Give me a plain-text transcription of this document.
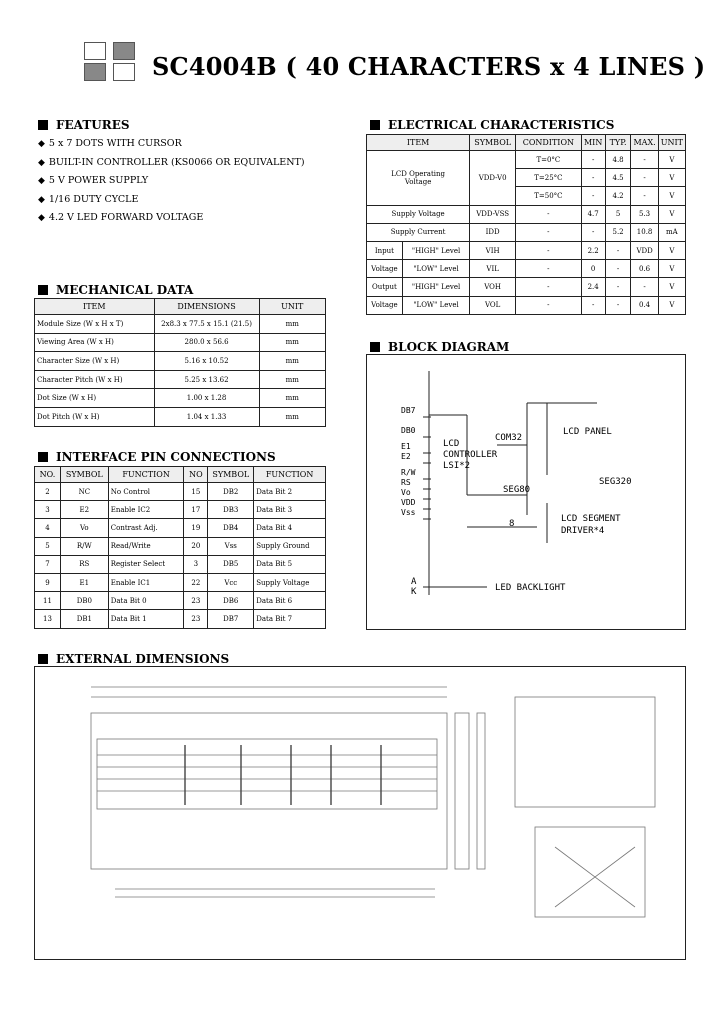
SC4004B ( 40 CHARACTERS x 4 LINES )
FEATURES
◆ 5 x 7 DOTS WITH CURSOR
◆ BUILT-IN CONTROLLER (KS0066 OR EQUIVALENT)
◆ 5 V POWER SUPPLY
◆ 1/16 DUTY CYCLE
◆ 4.2 V LED FORWARD VOLTAGE
MECHANICAL DATA
ITEM	DIMENSIONS	UNIT
Module Size (W x H x T)	2x8.3 x 77.5 x 15.1 (21.5)	mm
Viewing Area (W x H)	280.0 x 56.6	mm
Character Size (W x H)	5.16 x 10.52	mm
Character Pitch (W x H)	5.25 x 13.62	mm
Dot Size (W x H)	1.00 x 1.28	mm
Dot Pitch (W x H)	1.04 x 1.33	mm
INTERFACE PIN CONNECTIONS
NO.	SYMBOL	FUNCTION	NO	SYMBOL	FUNCTION
2	NC	No Control	15	DB2	Data Bit 2
3	E2	Enable IC2	17	DB3	Data Bit 3
4	Vo	Contrast Adj.	19	DB4	Data Bit 4
5	R/W	Read/Write	20	Vss	Supply Ground
7	RS	Register Select	3	DB5	Data Bit 5
9	E1	Enable IC1	22	Vcc	Supply Voltage
11	DB0	Data Bit 0	23	DB6	Data Bit 6
13	DB1	Data Bit 1	23	DB7	Data Bit 7
ELECTRICAL CHARACTERISTICS
ITEM		SYMBOL	CONDITION	MIN	TYP.	MAX.	UNIT

LCD Operating
Voltage		VDD-V0	T=0°C	-	4.8	-	V
			T=25°C	-	4.5	-	V
			T=50°C	-	4.2	-	V
Supply Voltage		VDD-VSS	-	4.7	5	5.3	V
Supply Current		IDD	-	-	5.2	10.8	mA
Input	"HIGH" Level	VIH	-	2.2	-	VDD	V
Voltage	"LOW" Level	VIL	-	0	-	0.6	V
Output	"HIGH" Level	VOH	-	2.4	-	-	V
Voltage	"LOW" Level	VOL	-	-	-	0.4	V
BLOCK DIAGRAM
DB7
DB0
E1
E2
R/W
RS
Vo
VDD
Vss
LCD
CONTROLLER
LSI*2
COM32
SEG80
LCD PANEL
SEG320
8	LCD SEGMENT
DRIVER*4
A
K	LED BACKLIGHT
EXTERNAL DIMENSIONS
